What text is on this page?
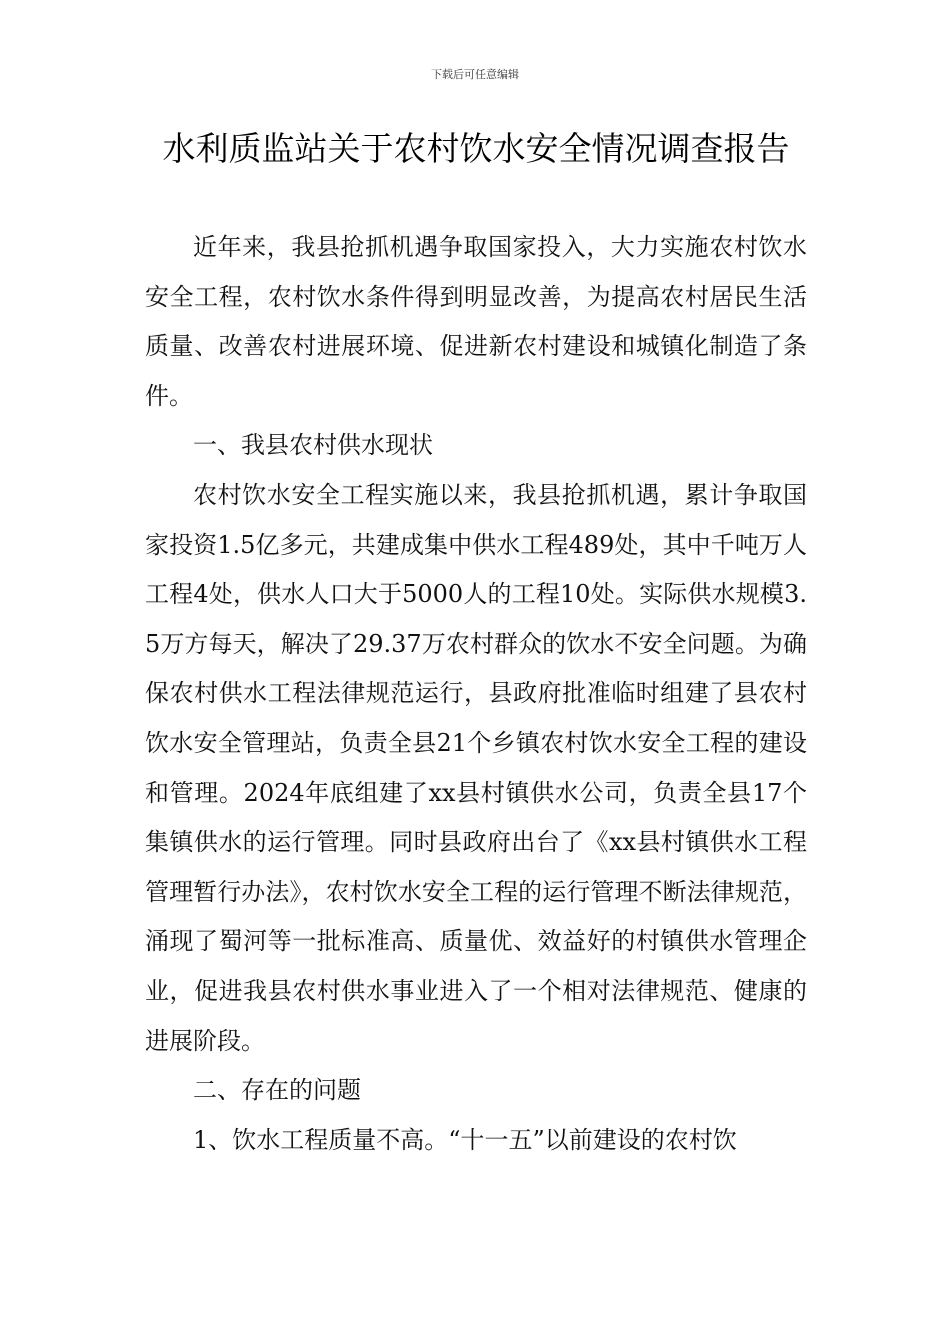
下载后可任意编辑
水利质监站关于农村饮水安全情况调查报告

近年来，我县抢抓机遇争取国家投入，大力实施农村饮水安全工程，农村饮水条件得到明显改善，为提高农村居民生活质量、改善农村进展环境、促进新农村建设和城镇化制造了条件。

一、我县农村供水现状

农村饮水安全工程实施以来，我县抢抓机遇，累计争取国家投资1.5亿多元，共建成集中供水工程489处，其中千吨万人工程4处，供水人口大于5000人的工程10处。实际供水规模3.5万方每天，解决了29.37万农村群众的饮水不安全问题。为确保农村供水工程法律规范运行，县政府批准临时组建了县农村饮水安全管理站，负责全县21个乡镇农村饮水安全工程的建设和管理。2024年底组建了xx县村镇供水公司，负责全县17个集镇供水的运行管理。同时县政府出台了《xx县村镇供水工程管理暂行办法》，农村饮水安全工程的运行管理不断法律规范，涌现了蜀河等一批标准高、质量优、效益好的村镇供水管理企业，促进我县农村供水事业进入了一个相对法律规范、健康的进展阶段。

二、存在的问题

1、饮水工程质量不高。“十一五”以前建设的农村饮
